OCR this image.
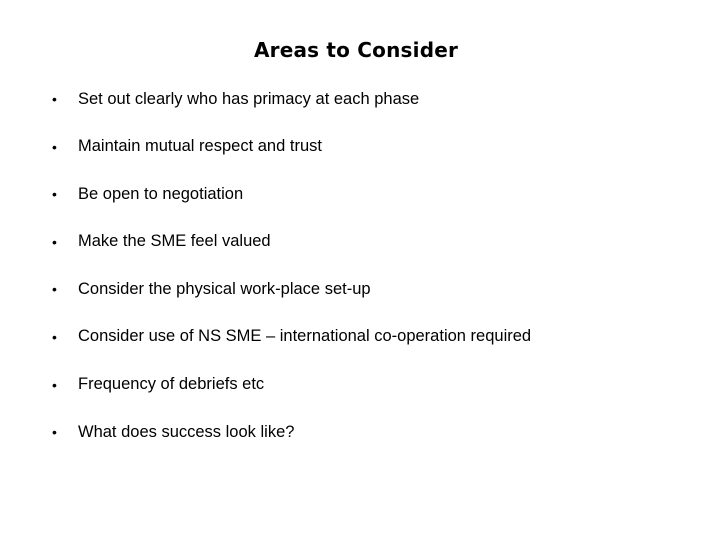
Areas to Consider
•	Set out clearly who has primacy at each phase
•	Maintain mutual respect and trust
•	Be open to negotiation
•	Make the SME feel valued
•	Consider the physical work-place set-up
•	Consider use of NS SME – international co-operation required
•	Frequency of debriefs etc
•	What does success look like?
